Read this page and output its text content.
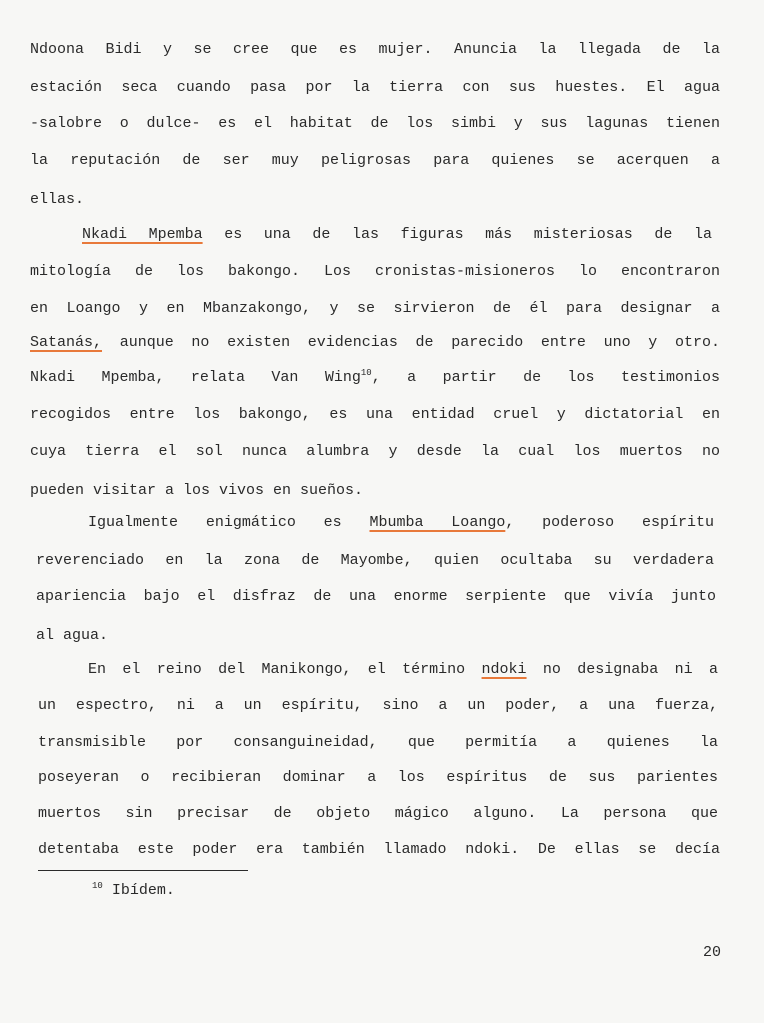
Ndoona Bidi y se cree que es mujer. Anuncia la llegada de la
estación seca cuando pasa por la tierra con sus huestes. El agua
-salobre o dulce- es el habitat de los simbi y sus lagunas tienen
la reputación de ser muy peligrosas para quienes se acerquen a
ellas.
Nkadi Mpemba es una de las figuras más misteriosas de la
mitología de los bakongo. Los cronistas-misioneros lo encontraron
en Loango y en Mbanzakongo, y se sirvieron de él para designar a
Satanás, aunque no existen evidencias de parecido entre uno y otro.
Nkadi Mpemba, relata Van Wing$^{10}$, a partir de los testimonios
recogidos entre los bakongo, es una entidad cruel y dictatorial en
cuya tierra el sol nunca alumbra y desde la cual los muertos no
pueden visitar a los vivos en sueños.
Igualmente enigmático es Mbumba Loango, poderoso espíritu
reverenciado en la zona de Mayombe, quien ocultaba su verdadera
apariencia bajo el disfraz de una enorme serpiente que vivía junto
al agua.
En el reino del Manikongo, el término ndoki no designaba ni a
un espectro, ni a un espíritu, sino a un poder, a una fuerza,
transmisible por consanguineidad, que permitía a quienes la
poseyeran o recibieran dominar a los espíritus de sus parientes
muertos sin precisar de objeto mágico alguno. La persona que
detentaba este poder era también llamado ndoki. De ellas se decía
$^{10}$ Ibídem.
20
